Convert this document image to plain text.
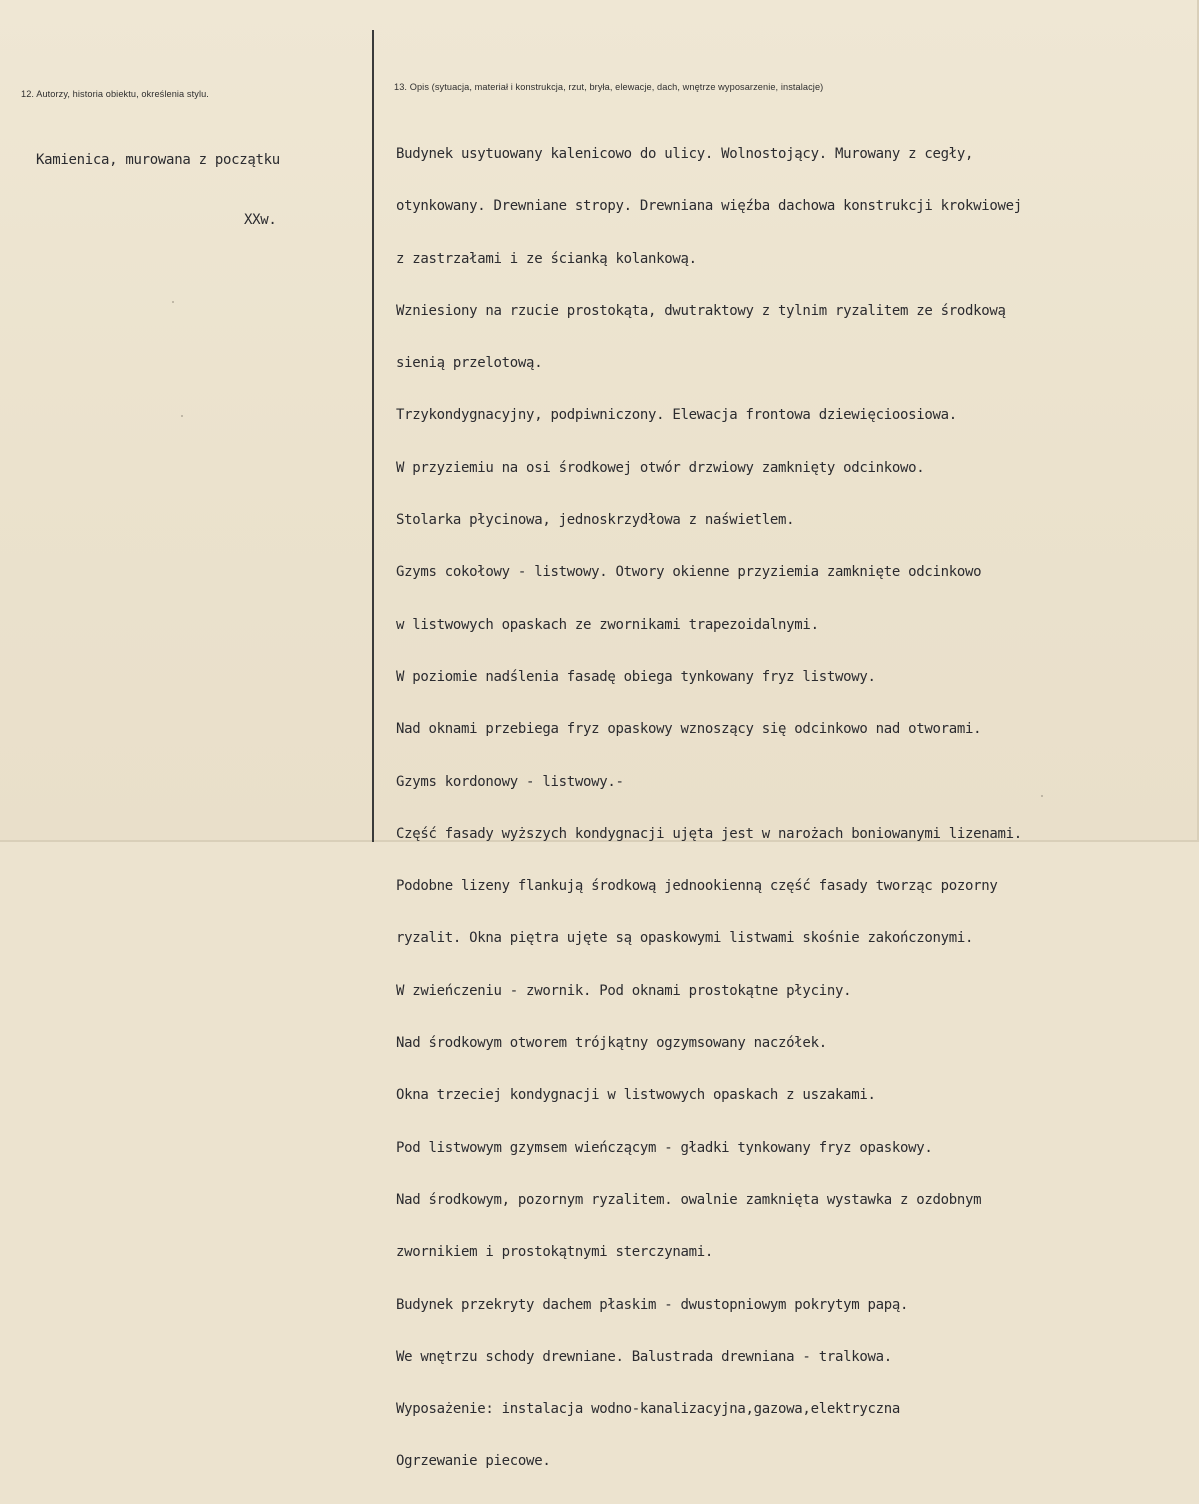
12. Autorzy, historia obiektu, określenia stylu.

Kamienica, murowana z początku

XXw.

13. Opis (sytuacja, materiał i konstrukcja, rzut, bryła, elewacje, dach, wnętrze wyposarzenie, instalacje)

Budynek usytuowany kalenicowo do ulicy. Wolnostojący. Murowany z cegły,

otynkowany. Drewniane stropy. Drewniana więźba dachowa konstrukcji krokwiowej

z zastrzałami i ze ścianką kolankową.

Wzniesiony na rzucie prostokąta, dwutraktowy z tylnim ryzalitem ze środkową

sienią przelotową.

Trzykondygnacyjny, podpiwniczony. Elewacja frontowa dziewięcioosiowa.

W przyziemiu na osi środkowej otwór drzwiowy zamknięty odcinkowo.

Stolarka płycinowa, jednoskrzydłowa z naświetlem.

Gzyms cokołowy - listwowy. Otwory okienne przyziemia zamknięte odcinkowo

w listwowych opaskach ze zwornikami trapezoidalnymi.

W poziomie nadślenia fasadę obiega tynkowany fryz listwowy.

Nad oknami przebiega fryz opaskowy wznoszący się odcinkowo nad otworami.

Gzyms kordonowy - listwowy.-

Część fasady wyższych kondygnacji ujęta jest w narożach boniowanymi lizenami.

Podobne lizeny flankują środkową jednookienną część fasady tworząc pozorny

ryzalit. Okna piętra ujęte są opaskowymi listwami skośnie zakończonymi.

W zwieńczeniu - zwornik. Pod oknami prostokątne płyciny.

Nad środkowym otworem trójkątny ogzymsowany naczółek.

Okna trzeciej kondygnacji w listwowych opaskach z uszakami.

Pod listwowym gzymsem wieńczącym - gładki tynkowany fryz opaskowy.

Nad środkowym, pozornym ryzalitem. owalnie zamknięta wystawka z ozdobnym

zwornikiem i prostokątnymi sterczynami.

Budynek przekryty dachem płaskim - dwustopniowym pokrytym papą.

We wnętrzu schody drewniane. Balustrada drewniana - tralkowa.

Wyposażenie: instalacja wodno-kanalizacyjna,gazowa,elektryczna

Ogrzewanie piecowe.
